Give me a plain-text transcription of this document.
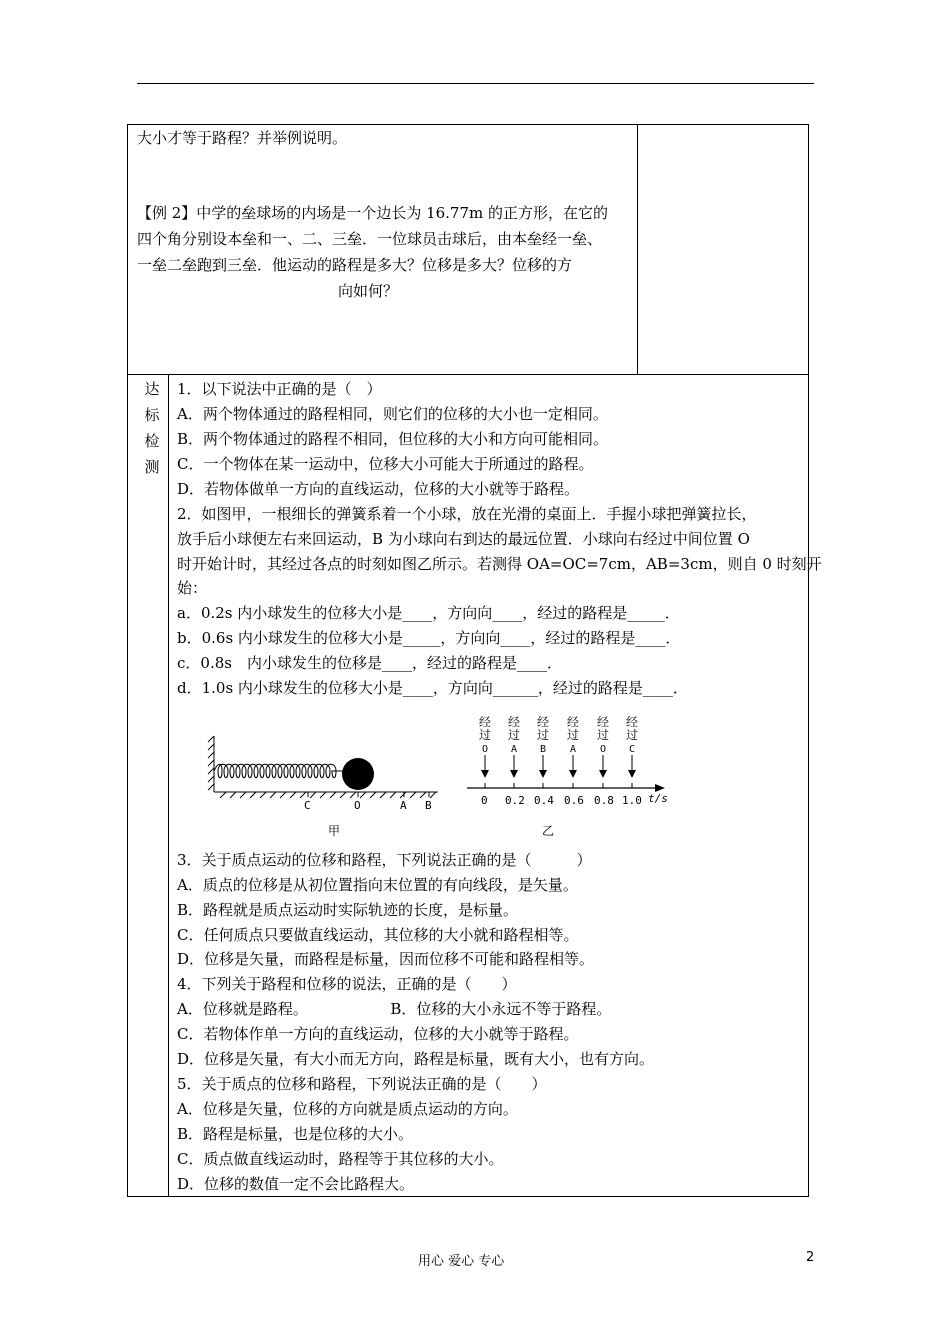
大小才等于路程？并举例说明。
【例 2】中学的垒球场的内场是一个边长为 16.77m 的正方形，在它的
四个角分别设本垒和一、二、三垒．一位球员击球后，由本垒经一垒、
一垒二垒跑到三垒．他运动的路程是多大？位移是多大？位移的方
向如何？
达
标
检
测
1．以下说法中正确的是（　）
A．两个物体通过的路程相同，则它们的位移的大小也一定相同。
B．两个物体通过的路程不相同，但位移的大小和方向可能相同。
C．一个物体在某一运动中，位移大小可能大于所通过的路程。
D．若物体做单一方向的直线运动，位移的大小就等于路程。
2．如图甲，一根细长的弹簧系着一个小球，放在光滑的桌面上．手握小球把弹簧拉长，
放手后小球便左右来回运动，B 为小球向右到达的最远位置．小球向右经过中间位置 O
时开始计时，其经过各点的时刻如图乙所示。若测得 OA=OC=7cm，AB=3cm，则自 0 时刻开
始：
a．0.2s 内小球发生的位移大小是____，方向向____，经过的路程是_____．
b．0.6s 内小球发生的位移大小是_____，方向向____，经过的路程是____．
c．0.8s　内小球发生的位移是____，经过的路程是____．
d．1.0s 内小球发生的位移大小是____，方向向______，经过的路程是____．
C	O	A B
甲
经
过
O
经
过
A
经
过
B
经
过
A
经
过
O
经
过
C
0 0.2 0.4 0.6 0.8 1.0 t/s
乙
3．关于质点运动的位移和路程，下列说法正确的是（　　　）
A．质点的位移是从初位置指向末位置的有向线段，是矢量。
B．路程就是质点运动时实际轨迹的长度，是标量。
C．任何质点只要做直线运动，其位移的大小就和路程相等。
D．位移是矢量，而路程是标量，因而位移不可能和路程相等。
4．下列关于路程和位移的说法，正确的是（　　）
A．位移就是路程。　　　　　　B．位移的大小永远不等于路程。
C．若物体作单一方向的直线运动，位移的大小就等于路程。
D．位移是矢量，有大小而无方向，路程是标量，既有大小，也有方向。
5．关于质点的位移和路程，下列说法正确的是（　　）
A．位移是矢量，位移的方向就是质点运动的方向。
B．路程是标量，也是位移的大小。
C．质点做直线运动时，路程等于其位移的大小。
D．位移的数值一定不会比路程大。
用心 爱心 专心	2
